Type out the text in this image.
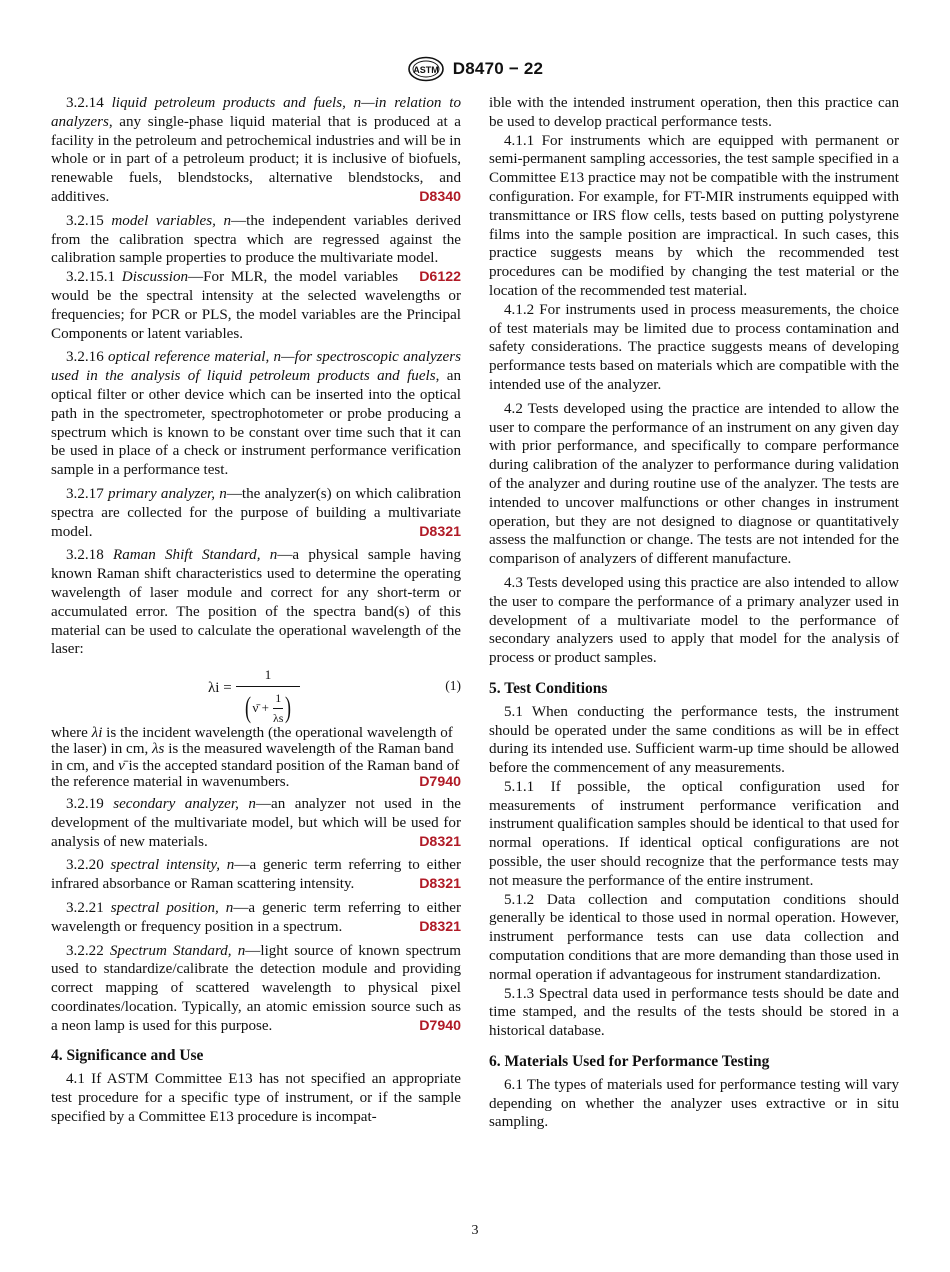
ASTM D8470 − 22

3.2.14 liquid petroleum products and fuels, n—in relation to analyzers, any single-phase liquid material that is produced at a facility in the petroleum and petrochemical industries and will be in whole or in part of a petroleum product; it is inclusive of biofuels, renewable fuels, blendstocks, alternative blendstocks, and additives.	D8340

3.2.15 model variables, n—the independent variables derived from the calibration spectra which are regressed against the calibration sample properties to produce the multivariate model.
D6122

3.2.15.1 Discussion—For MLR, the model variables would be the spectral intensity at the selected wavelengths or frequencies; for PCR or PLS, the model variables are the Principal Components or latent variables.

3.2.16 optical reference material, n—for spectroscopic analyzers used in the analysis of liquid petroleum products and fuels, an optical filter or other device which can be inserted into the optical path in the spectrometer, spectrophotometer or probe producing a spectrum which is known to be constant over time such that it can be used in place of a check or instrument performance verification sample in a performance test.

3.2.17 primary analyzer, n—the analyzer(s) on which calibration spectra are collected for the purpose of building a multivariate model.	D8321

3.2.18 Raman Shift Standard, n—a physical sample having known Raman shift characteristics used to determine the operating wavelength of laser module and correct for any short-term or accumulated error. The position of the spectra band(s) of this material can be used to calculate the operational wavelength of the laser:

λi = 1
( ν̄
+ $\frac{1}{\lambda s}$ )	(1)

where λi is the incident wavelength (the operational wavelength of the laser) in cm, λs is the measured wavelength of the Raman band in cm, and ν̄ is the accepted standard position of the Raman band of the reference material in wavenumbers.	D7940

3.2.19 secondary analyzer, n—an analyzer not used in the development of the multivariate model, but which will be used for analysis of new materials.	D8321

3.2.20 spectral intensity, n—a generic term referring to either infrared absorbance or Raman scattering intensity.	D8321

3.2.21 spectral position, n—a generic term referring to either wavelength or frequency position in a spectrum.	D8321

3.2.22 Spectrum Standard, n—light source of known spectrum used to standardize/calibrate the detection module and providing correct mapping of scattered wavelength to physical pixel coordinates/location. Typically, an atomic emission source such as a neon lamp is used for this purpose.	D7940

4. Significance and Use

4.1 If ASTM Committee E13 has not specified an appropriate test procedure for a specific type of instrument, or if the sample specified by a Committee E13 procedure is incompat-

ible with the intended instrument operation, then this practice can be used to develop practical performance tests.

4.1.1 For instruments which are equipped with permanent or semi-permanent sampling accessories, the test sample specified in a Committee E13 practice may not be compatible with the instrument configuration. For example, for FT-MIR instruments equipped with transmittance or IRS flow cells, tests based on putting polystyrene films into the sample position are impractical. In such cases, this practice suggests means by which the recommended test procedures can be modified by changing the test material or the location of the recommended test material.

4.1.2 For instruments used in process measurements, the choice of test materials may be limited due to process contamination and safety considerations. The practice suggests means of developing performance tests based on materials which are compatible with the intended use of the analyzer.

4.2 Tests developed using the practice are intended to allow the user to compare the performance of an instrument on any given day with prior performance, and specifically to compare performance during calibration of the analyzer to performance during validation of the analyzer and during routine use of the analyzer. The tests are intended to uncover malfunctions or other changes in instrument operation, but they are not designed to diagnose or quantitatively assess the malfunction or change. The tests are not intended for the comparison of analyzers of different manufacture.

4.3 Tests developed using this practice are also intended to allow the user to compare the performance of a primary analyzer used in development of a multivariate model to the performance of secondary analyzers used to apply that model for the analysis of process or product samples.

5. Test Conditions

5.1 When conducting the performance tests, the instrument should be operated under the same conditions as will be in effect during its intended use. Sufficient warm-up time should be allowed before the commencement of any measurements.

5.1.1 If possible, the optical configuration used for measurements of instrument performance verification and instrument qualification samples should be identical to that used for normal operations. If identical optical configurations are not possible, the user should recognize that the performance tests may not measure the performance of the entire instrument.

5.1.2 Data collection and computation conditions should generally be identical to those used in normal operation. However, instrument performance tests can use data collection and computation conditions that are more demanding than those used in normal operation if advantageous for instrument standardization.

5.1.3 Spectral data used in performance tests should be date and time stamped, and the results of the tests should be stored in a historical database.

6. Materials Used for Performance Testing

6.1 The types of materials used for performance testing will vary depending on whether the analyzer uses extractive or in situ sampling.

3
